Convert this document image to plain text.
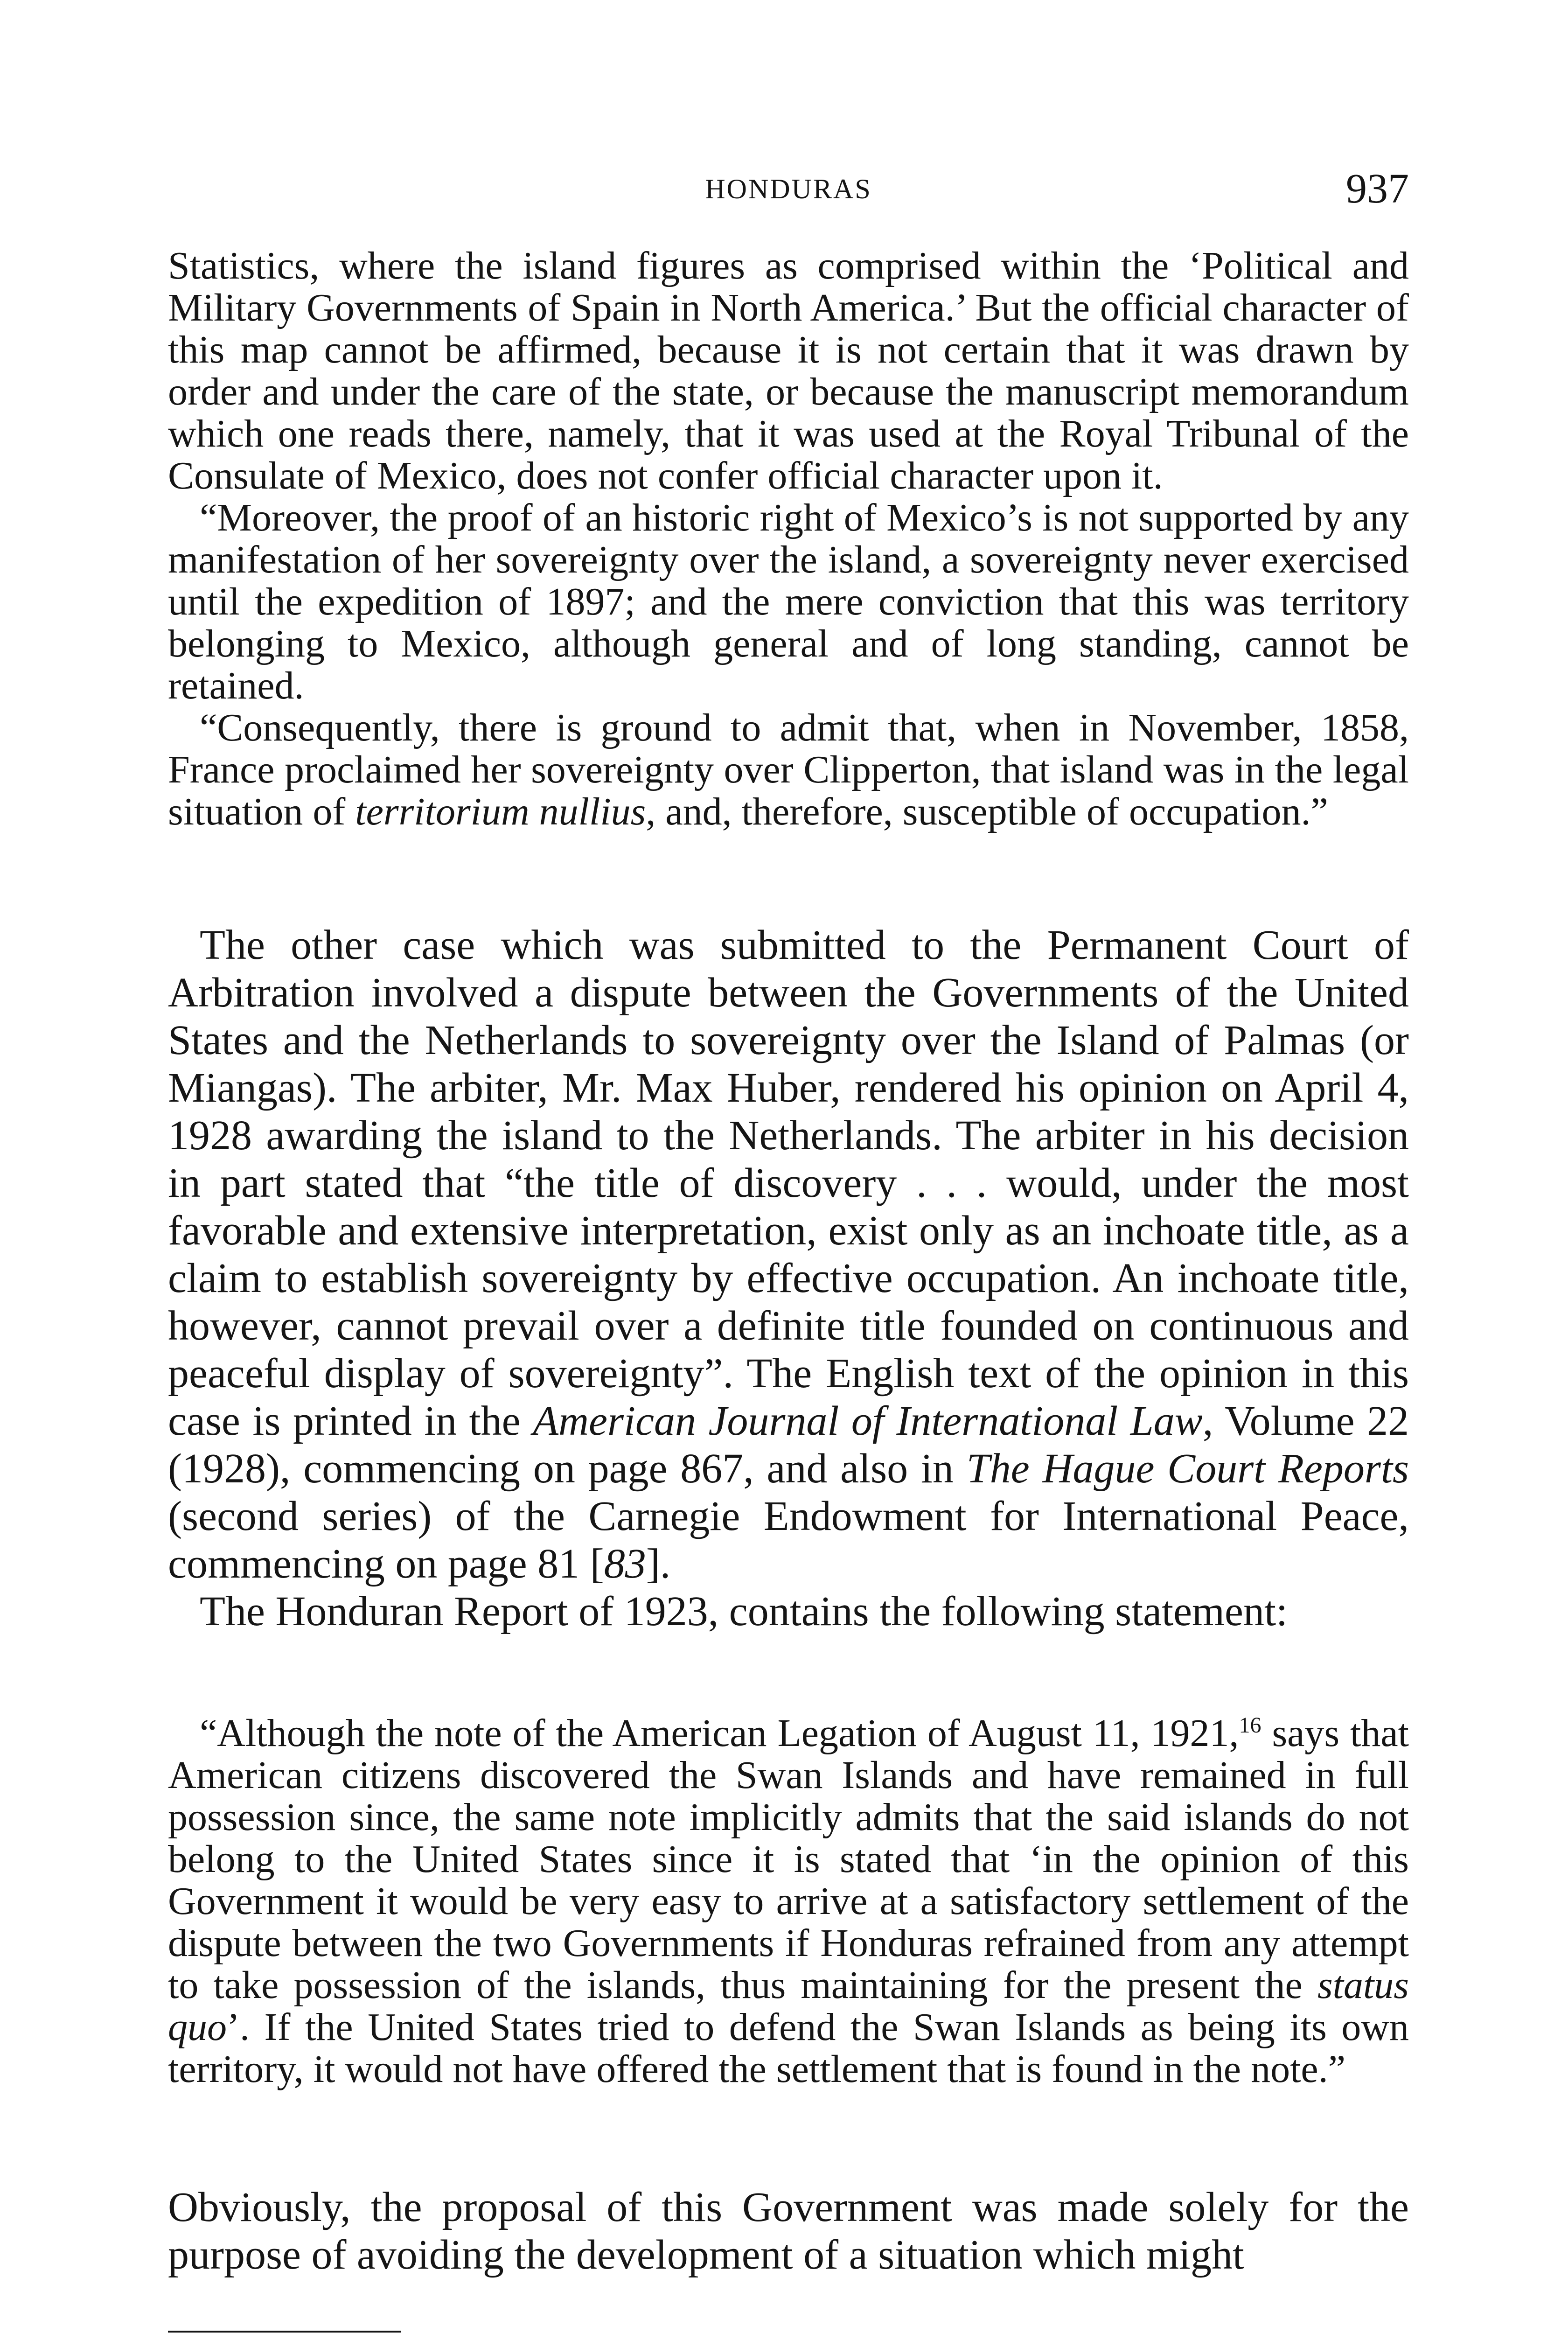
HONDURAS	937

Statistics, where the island figures as comprised within the ‘Political and Military Governments of Spain in North America.’ But the official character of this map cannot be affirmed, because it is not certain that it was drawn by order and under the care of the state, or because the manuscript memorandum which one reads there, namely, that it was used at the Royal Tribunal of the Consulate of Mexico, does not confer official character upon it.

“Moreover, the proof of an historic right of Mexico’s is not supported by any manifestation of her sovereignty over the island, a sovereignty never exercised until the expedition of 1897; and the mere conviction that this was territory belonging to Mexico, although general and of long standing, cannot be retained.

“Consequently, there is ground to admit that, when in November, 1858, France proclaimed her sovereignty over Clipperton, that island was in the legal situation of territorium nullius, and, therefore, susceptible of occupation.”

The other case which was submitted to the Permanent Court of Arbitration involved a dispute between the Governments of the United States and the Netherlands to sovereignty over the Island of Palmas (or Miangas). The arbiter, Mr. Max Huber, rendered his opinion on April 4, 1928 awarding the island to the Netherlands. The arbiter in his decision in part stated that “the title of discovery . . . would, under the most favorable and extensive interpretation, exist only as an inchoate title, as a claim to establish sovereignty by effective occupation. An inchoate title, however, cannot prevail over a definite title founded on continuous and peaceful display of sovereignty”. The English text of the opinion in this case is printed in the American Journal of International Law, Volume 22 (1928), commencing on page 867, and also in The Hague Court Reports (second series) of the Carnegie Endowment for International Peace, commencing on page 81 [83].

The Honduran Report of 1923, contains the following statement:

“Although the note of the American Legation of August 11, 1921,16 says that American citizens discovered the Swan Islands and have remained in full possession since, the same note implicitly admits that the said islands do not belong to the United States since it is stated that ‘in the opinion of this Government it would be very easy to arrive at a satisfactory settlement of the dispute between the two Governments if Honduras refrained from any attempt to take possession of the islands, thus maintaining for the present the status quo’. If the United States tried to defend the Swan Islands as being its own territory, it would not have offered the settlement that is found in the note.”

Obviously, the proposal of this Government was made solely for the purpose of avoiding the development of a situation which might
